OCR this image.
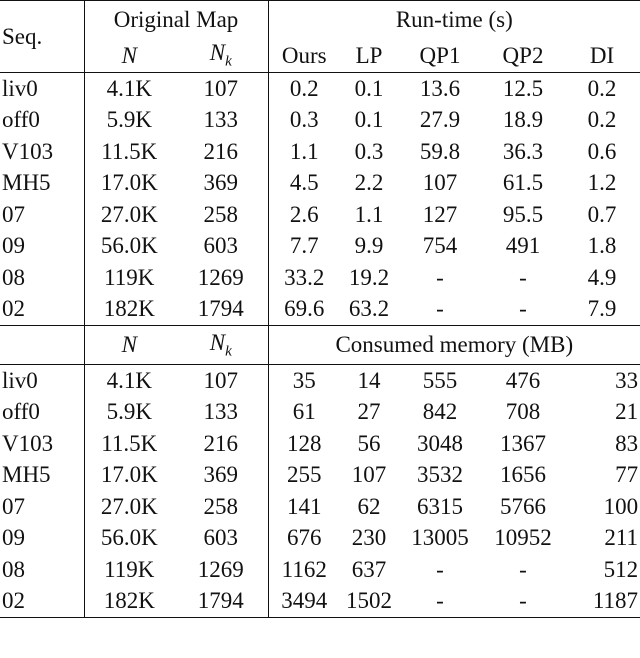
Seq.	Original Map		Run-time (s)				
	N	$N_k$	Ours	LP	QP1	QP2	DI
liv0	4.1K	107	0.2	0.1	13.6	12.5	0.2
off0	5.9K	133	0.3	0.1	27.9	18.9	0.2
V103	11.5K	216	1.1	0.3	59.8	36.3	0.6
MH5	17.0K	369	4.5	2.2	107	61.5	1.2
07	27.0K	258	2.6	1.1	127	95.5	0.7
09	56.0K	603	7.7	9.9	754	491	1.8
08	119K	1269	33.2	19.2	-	-	4.9
02	182K	1794	69.6	63.2	-	-	7.9
	N	$N_k$	Consumed memory (MB)				
liv0	4.1K	107	35	14	555	476	33
off0	5.9K	133	61	27	842	708	21
V103	11.5K	216	128	56	3048	1367	83
MH5	17.0K	369	255	107	3532	1656	77
07	27.0K	258	141	62	6315	5766	100
09	56.0K	603	676	230	13005	10952	211
08	119K	1269	1162	637	-	-	512
02	182K	1794	3494	1502	-	-	1187
